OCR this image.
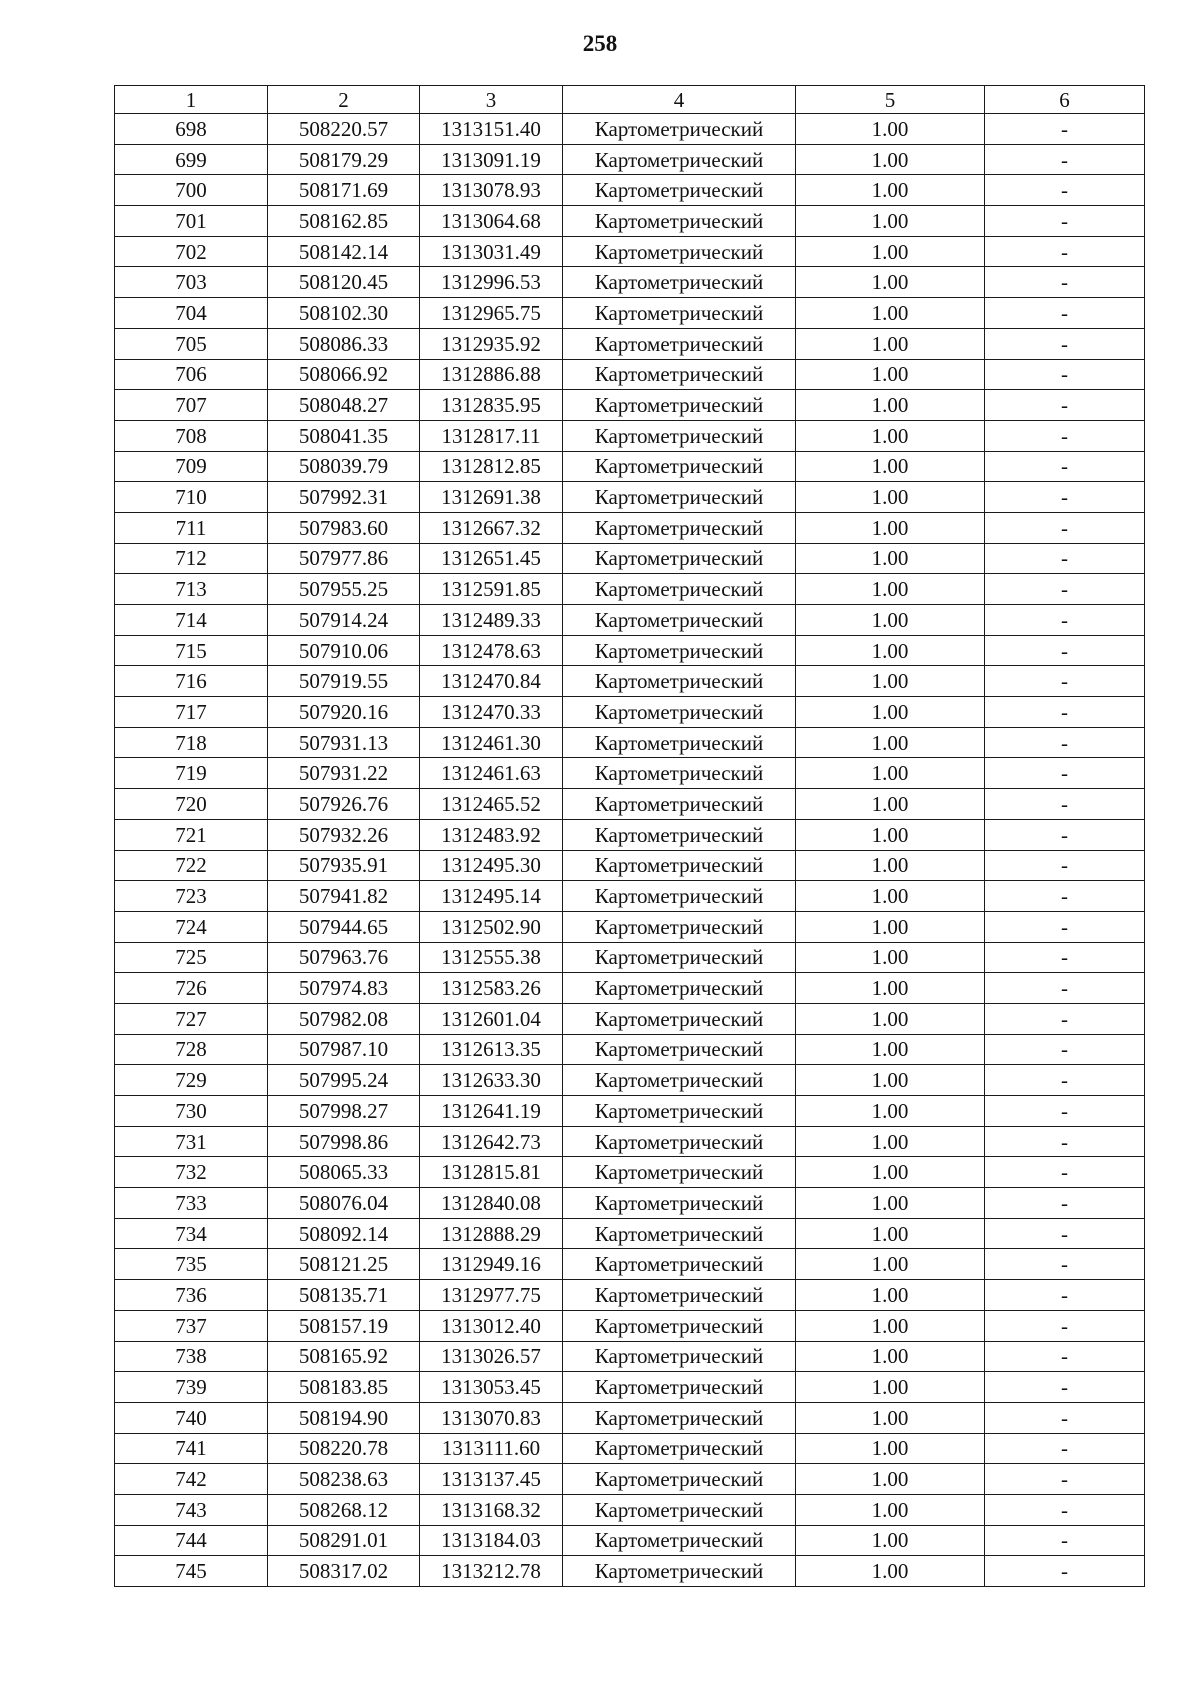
258
1	2	3	4	5	6
698	508220.57	1313151.40	Картометрический	1.00	-
699	508179.29	1313091.19	Картометрический	1.00	-
700	508171.69	1313078.93	Картометрический	1.00	-
701	508162.85	1313064.68	Картометрический	1.00	-
702	508142.14	1313031.49	Картометрический	1.00	-
703	508120.45	1312996.53	Картометрический	1.00	-
704	508102.30	1312965.75	Картометрический	1.00	-
705	508086.33	1312935.92	Картометрический	1.00	-
706	508066.92	1312886.88	Картометрический	1.00	-
707	508048.27	1312835.95	Картометрический	1.00	-
708	508041.35	1312817.11	Картометрический	1.00	-
709	508039.79	1312812.85	Картометрический	1.00	-
710	507992.31	1312691.38	Картометрический	1.00	-
711	507983.60	1312667.32	Картометрический	1.00	-
712	507977.86	1312651.45	Картометрический	1.00	-
713	507955.25	1312591.85	Картометрический	1.00	-
714	507914.24	1312489.33	Картометрический	1.00	-
715	507910.06	1312478.63	Картометрический	1.00	-
716	507919.55	1312470.84	Картометрический	1.00	-
717	507920.16	1312470.33	Картометрический	1.00	-
718	507931.13	1312461.30	Картометрический	1.00	-
719	507931.22	1312461.63	Картометрический	1.00	-
720	507926.76	1312465.52	Картометрический	1.00	-
721	507932.26	1312483.92	Картометрический	1.00	-
722	507935.91	1312495.30	Картометрический	1.00	-
723	507941.82	1312495.14	Картометрический	1.00	-
724	507944.65	1312502.90	Картометрический	1.00	-
725	507963.76	1312555.38	Картометрический	1.00	-
726	507974.83	1312583.26	Картометрический	1.00	-
727	507982.08	1312601.04	Картометрический	1.00	-
728	507987.10	1312613.35	Картометрический	1.00	-
729	507995.24	1312633.30	Картометрический	1.00	-
730	507998.27	1312641.19	Картометрический	1.00	-
731	507998.86	1312642.73	Картометрический	1.00	-
732	508065.33	1312815.81	Картометрический	1.00	-
733	508076.04	1312840.08	Картометрический	1.00	-
734	508092.14	1312888.29	Картометрический	1.00	-
735	508121.25	1312949.16	Картометрический	1.00	-
736	508135.71	1312977.75	Картометрический	1.00	-
737	508157.19	1313012.40	Картометрический	1.00	-
738	508165.92	1313026.57	Картометрический	1.00	-
739	508183.85	1313053.45	Картометрический	1.00	-
740	508194.90	1313070.83	Картометрический	1.00	-
741	508220.78	1313111.60	Картометрический	1.00	-
742	508238.63	1313137.45	Картометрический	1.00	-
743	508268.12	1313168.32	Картометрический	1.00	-
744	508291.01	1313184.03	Картометрический	1.00	-
745	508317.02	1313212.78	Картометрический	1.00	-
